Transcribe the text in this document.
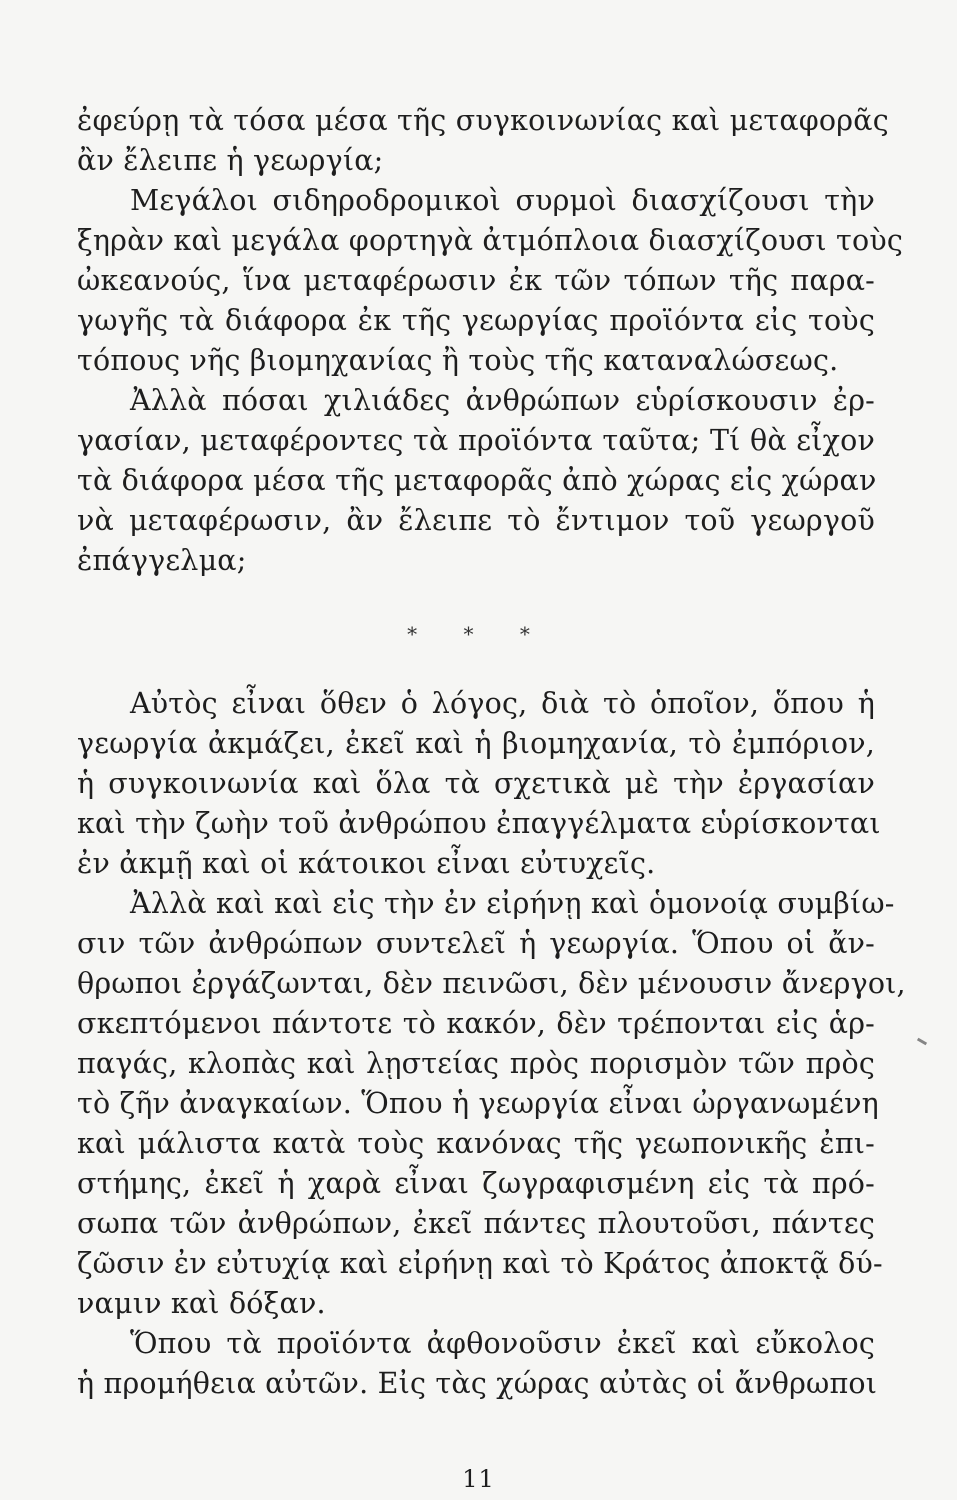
ἐφεύρῃ τὰ τόσα μέσα τῆς συγκοινωνίας καὶ μεταφορᾶς
ἂν ἔλειπε ἡ γεωργία;
Μεγάλοι σιδηροδρομικοὶ συρμοὶ διασχίζουσι τὴν
ξηρὰν καὶ μεγάλα φορτηγὰ ἀτμόπλοια διασχίζουσι τοὺς
ὠκεανούς, ἵνα μεταφέρωσιν ἐκ τῶν τόπων τῆς παρα-
γωγῆς τὰ διάφορα ἐκ τῆς γεωργίας προϊόντα εἰς τοὺς
τόπους νῆς βιομηχανίας ἢ τοὺς τῆς καταναλώσεως.
Ἀλλὰ πόσαι χιλιάδες ἀνθρώπων εὑρίσκουσιν ἐρ-
γασίαν, μεταφέροντες τὰ προϊόντα ταῦτα; Τί θὰ εἶχον
τὰ διάφορα μέσα τῆς μεταφορᾶς ἀπὸ χώρας εἰς χώραν
νὰ μεταφέρωσιν, ἂν ἔλειπε τὸ ἔντιμον τοῦ γεωργοῦ
ἐπάγγελμα;
* * *
Αὐτὸς εἶναι ὅθεν ὁ λόγος, διὰ τὸ ὁποῖον, ὅπου ἡ
γεωργία ἀκμάζει, ἐκεῖ καὶ ἡ βιομηχανία, τὸ ἐμπόριον,
ἡ συγκοινωνία καὶ ὅλα τὰ σχετικὰ μὲ τὴν ἐργασίαν
καὶ τὴν ζωὴν τοῦ ἀνθρώπου ἐπαγγέλματα εὑρίσκονται
ἐν ἀκμῇ καὶ οἱ κάτοικοι εἶναι εὐτυχεῖς.
Ἀλλὰ καὶ καὶ εἰς τὴν ἐν εἰρήνῃ καὶ ὁμονοίᾳ συμβίω-
σιν τῶν ἀνθρώπων συντελεῖ ἡ γεωργία. Ὅπου οἱ ἄν-
θρωποι ἐργάζωνται, δὲν πεινῶσι, δὲν μένουσιν ἄνεργοι,
σκεπτόμενοι πάντοτε τὸ κακόν, δὲν τρέπονται εἰς ἁρ-
παγάς, κλοπὰς καὶ λῃστείας πρὸς πορισμὸν τῶν πρὸς
τὸ ζῆν ἀναγκαίων. Ὅπου ἡ γεωργία εἶναι ὠργανωμένη
καὶ μάλιστα κατὰ τοὺς κανόνας τῆς γεωπονικῆς ἐπι-
στήμης, ἐκεῖ ἡ χαρὰ εἶναι ζωγραφισμένη εἰς τὰ πρό-
σωπα τῶν ἀνθρώπων, ἐκεῖ πάντες πλουτοῦσι, πάντες
ζῶσιν ἐν εὐτυχίᾳ καὶ εἰρήνῃ καὶ τὸ Κράτος ἀποκτᾷ δύ-
ναμιν καὶ δόξαν.
Ὅπου τὰ προϊόντα ἀφθονοῦσιν ἐκεῖ καὶ εὔκολος
ἡ προμήθεια αὐτῶν. Εἰς τὰς χώρας αὐτὰς οἱ ἄνθρωποι
11
